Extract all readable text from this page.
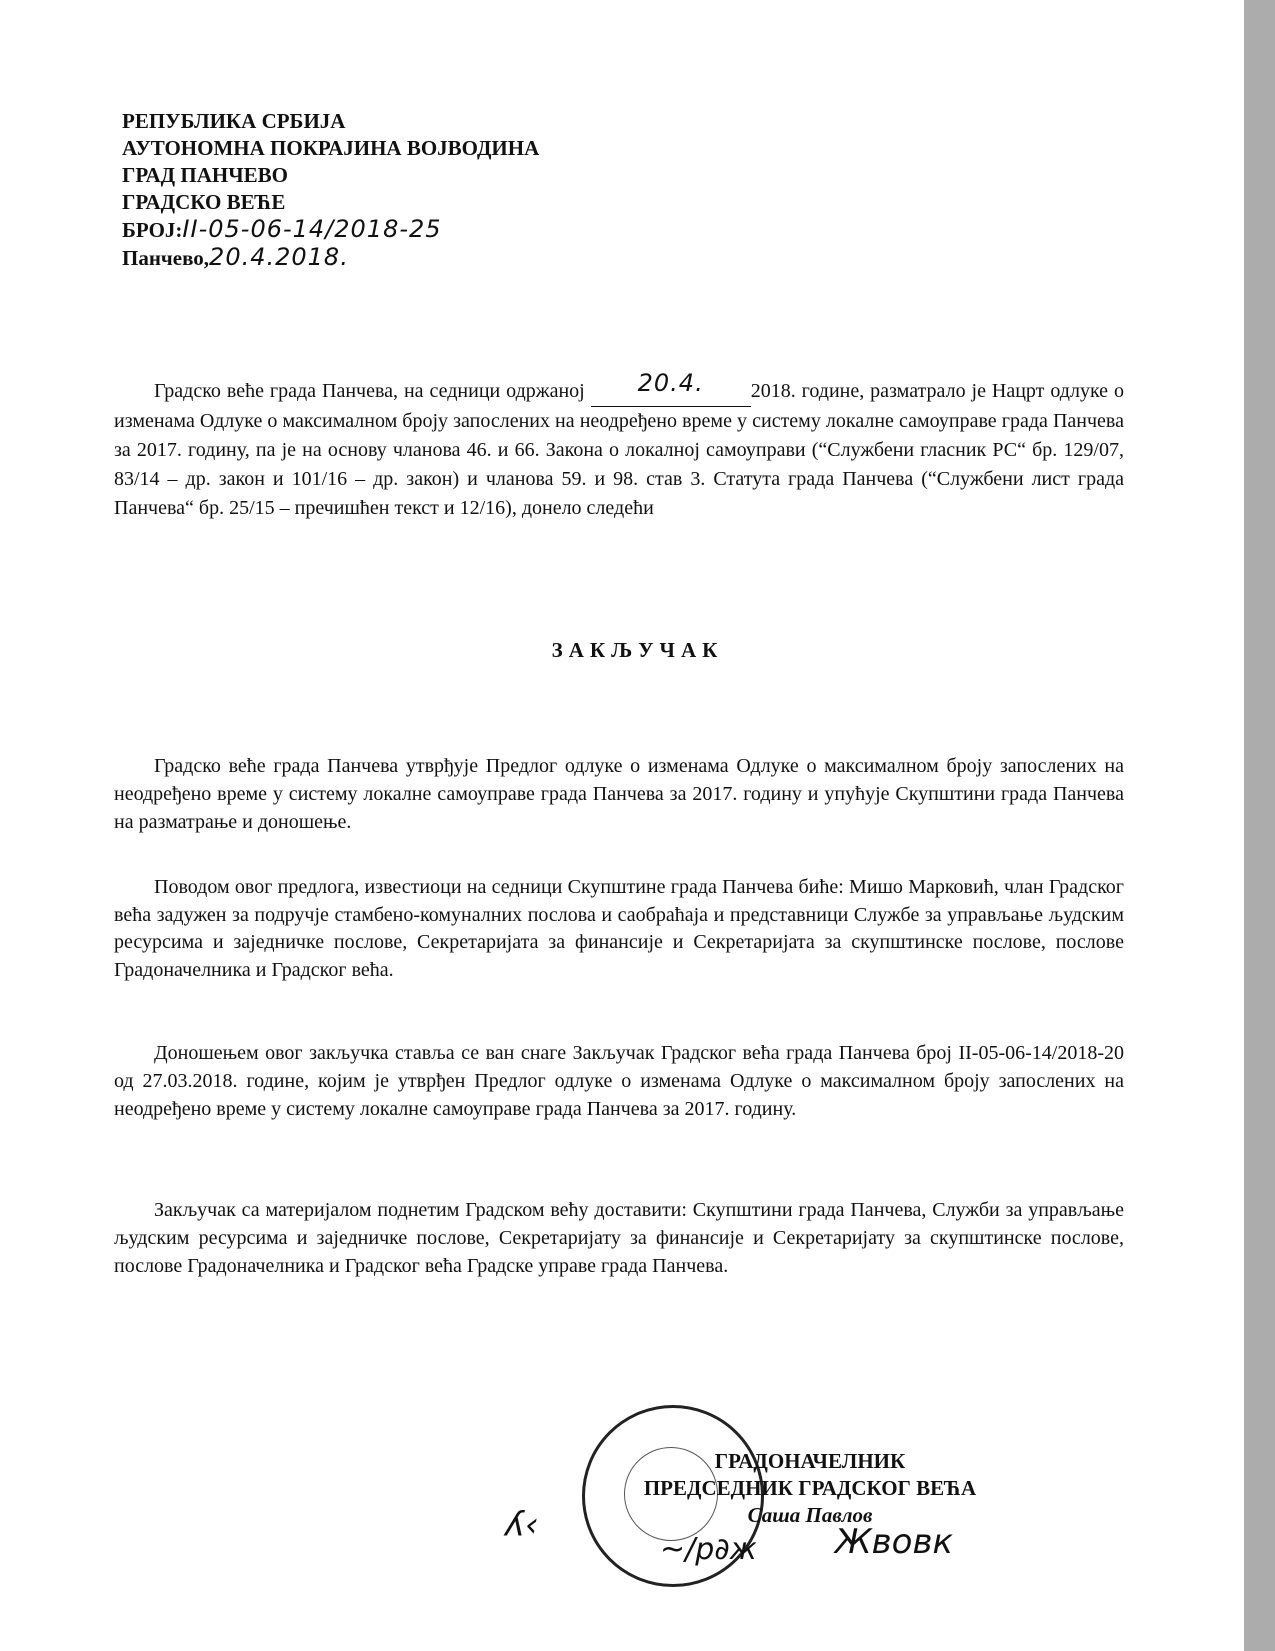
РЕПУБЛИКА СРБИЈА
АУТОНОМНА ПОКРАЈИНА ВОЈВОДИНА
ГРАД ПАНЧЕВО
ГРАДСКО ВЕЋЕ
БРОЈ:II-05-06-14/2018-25
Панчево,20.4.2018.
Градско веће града Панчева, на седници одржаној 20.4. 2018. године, разматрало је Нацрт одлуке о изменама Одлуке о максималном броју запослених на неодређено време у систему локалне самоуправе града Панчева за 2017. годину, па је на основу чланова 46. и 66. Закона о локалној самоуправи (“Службени гласник РС“ бр. 129/07, 83/14 – др. закон и 101/16 – др. закон) и чланова 59. и 98. став 3. Статута града Панчева (“Службени лист града Панчева“ бр. 25/15 – пречишћен текст и 12/16), донело следећи
ЗАКЉУЧАК
Градско веће града Панчева утврђује Предлог одлуке о изменама Одлуке о максималном броју запослених на неодређено време у систему локалне самоуправе града Панчева за 2017. годину и упућује Скупштини града Панчева на разматрање и доношење.
Поводом овог предлога, известиоци на седници Скупштине града Панчева биће: Мишо Марковић, члан Градског већа задужен за подручје стамбено-комуналних послова и саобраћаја и представници Службе за управљање људским ресурсима и заједничке послове, Секретаријата за финансије и Секретаријата за скупштинске послове, послове Градоначелника и Градског већа.
Доношењем овог закључка ставља се ван снаге Закључак Градског већа града Панчева број II-05-06-14/2018-20 од 27.03.2018. године, којим је утврђен Предлог одлуке о изменама Одлуке о максималном броју запослених на неодређено време у систему локалне самоуправе града Панчева за 2017. годину.
Закључак са материјалом поднетим Градском већу доставити: Скупштини града Панчева, Служби за управљање људским ресурсима и заједничке послове, Секретаријату за финансије и Секретаријату за скупштинске послове, послове Градоначелника и Градског већа Градске управе града Панчева.
ГРАДОНАЧЕЛНИК
ПРЕДСЕДНИК ГРАДСКОГ ВЕЋА
Саша Павлов
ʎ‹
~/р∂ж Жвовк
